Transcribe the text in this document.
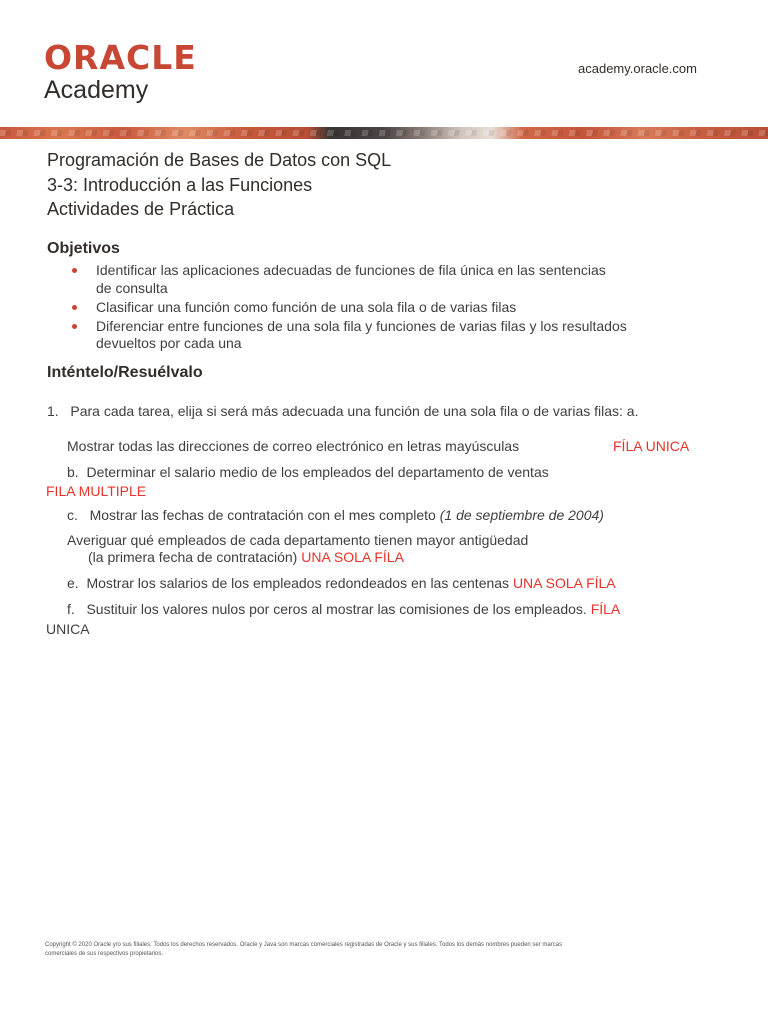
ORACLE
Academy
academy.oracle.com
Programación de Bases de Datos con SQL
3-3: Introducción a las Funciones
Actividades de Práctica
Objetivos
Identificar las aplicaciones adecuadas de funciones de fila única en las sentencias
de consulta
Clasificar una función como función de una sola fila o de varias filas
Diferenciar entre funciones de una sola fila y funciones de varias filas y los resultados
devueltos por cada una
Inténtelo/Resuélvalo
1. Para cada tarea, elija si será más adecuada una función de una sola fila o de varias filas: a.
Mostrar todas las direcciones de correo electrónico en letras mayúsculas	FÍLA UNICA
b. Determinar el salario medio de los empleados del departamento de ventas
FILA MULTIPLE
c. Mostrar las fechas de contratación con el mes completo (1 de septiembre de 2004)
Averiguar qué empleados de cada departamento tienen mayor antigüedad
(la primera fecha de contratación) UNA SOLA FÍLA
e. Mostrar los salarios de los empleados redondeados en las centenas UNA SOLA FÍLA
f. Sustituir los valores nulos por ceros al mostrar las comisiones de los empleados. FÍLA
UNICA
Copyright © 2020 Oracle y/o sus filiales. Todos los derechos reservados. Oracle y Java son marcas comerciales registradas de Oracle y sus filiales. Todos los demás nombres pueden ser marcas
comerciales de sus respectivos propietarios.
